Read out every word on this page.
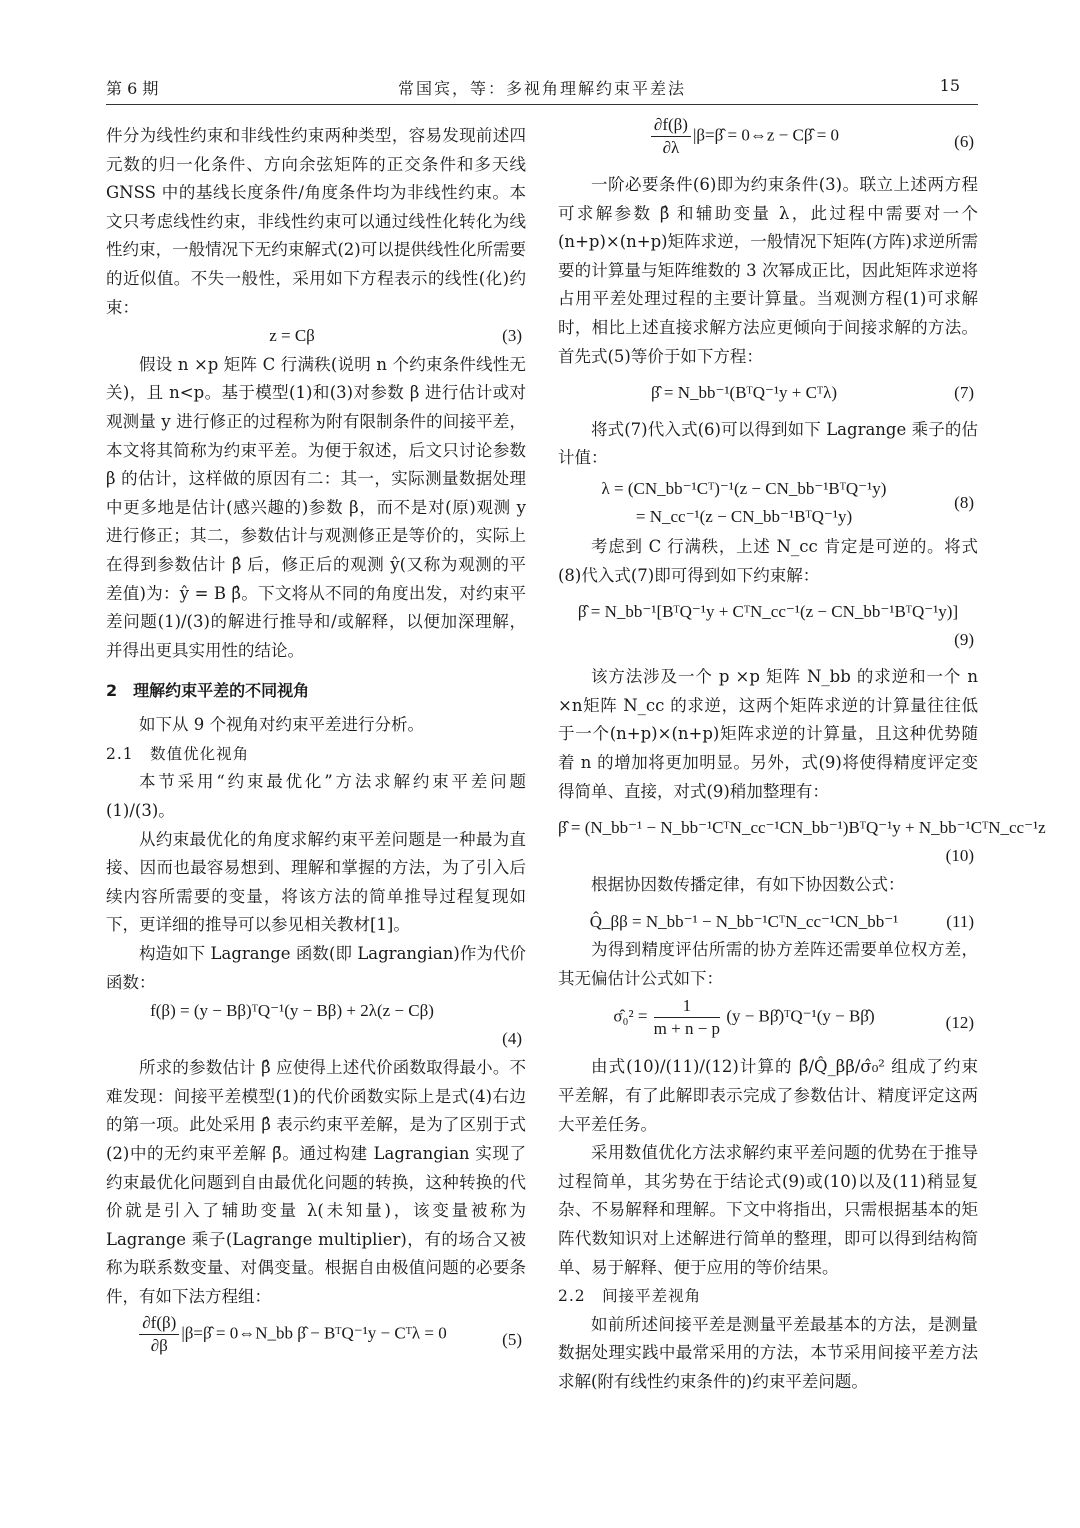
第 6 期	常国宾，等：多视角理解约束平差法	15

件分为线性约束和非线性约束两种类型，容易发现前述四元数的归一化条件、方向余弦矩阵的正交条件和多天线 GNSS 中的基线长度条件/角度条件均为非线性约束。本文只考虑线性约束，非线性约束可以通过线性化转化为线性约束，一般情况下无约束解式(2)可以提供线性化所需要的近似值。不失一般性，采用如下方程表示的线性(化)约束：

z = Cβ	(3)

假设 n ×p 矩阵 C 行满秩(说明 n 个约束条件线性无关)，且 n<p。基于模型(1)和(3)对参数 β 进行估计或对观测量 y 进行修正的过程称为附有限制条件的间接平差，本文将其简称为约束平差。为便于叙述，后文只讨论参数 β 的估计，这样做的原因有二：其一，实际测量数据处理中更多地是估计(感兴趣的)参数 β，而不是对(原)观测 y 进行修正；其二，参数估计与观测修正是等价的，实际上在得到参数估计 β̂ 后，修正后的观测 ŷ(又称为观测的平差值)为：ŷ = B β̂。下文将从不同的角度出发，对约束平差问题(1)/(3)的解进行推导和/或解释，以便加深理解，并得出更具实用性的结论。

2　理解约束平差的不同视角

如下从 9 个视角对约束平差进行分析。

2.1　数值优化视角

本节采用“约束最优化”方法求解约束平差问题(1)/(3)。

从约束最优化的角度求解约束平差问题是一种最为直接、因而也最容易想到、理解和掌握的方法，为了引入后续内容所需要的变量，将该方法的简单推导过程复现如下，更详细的推导可以参见相关教材[1]。

构造如下 Lagrange 函数(即 Lagrangian)作为代价函数：

f(β) = (y − Bβ)ᵀQ⁻¹(y − Bβ) + 2λ(z − Cβ)
(4)

所求的参数估计 β̂ 应使得上述代价函数取得最小。不难发现：间接平差模型(1)的代价函数实际上是式(4)右边的第一项。此处采用 β̂ 表示约束平差解，是为了区别于式(2)中的无约束平差解 β̄。通过构建 Lagrangian 实现了约束最优化问题到自由最优化问题的转换，这种转换的代价就是引入了辅助变量 λ(未知量)，该变量被称为 Lagrange 乘子(Lagrange multiplier)，有的场合又被称为联系数变量、对偶变量。根据自由极值问题的必要条件，有如下法方程组：

$\frac{\partial f(\beta)}{\partial\beta}$ |β=β̂ = 0⇔N_bb β̂ − BᵀQ⁻¹y − Cᵀλ = 0	(5)
$\frac{\partial f(\beta)}{\partial\lambda}$ |β=β̂ = 0⇔z − Cβ̂ = 0	(6)

一阶必要条件(6)即为约束条件(3)。联立上述两方程可求解参数 β̂ 和辅助变量 λ，此过程中需要对一个(n+p)×(n+p)矩阵求逆，一般情况下矩阵(方阵)求逆所需要的计算量与矩阵维数的 3 次幂成正比，因此矩阵求逆将占用平差处理过程的主要计算量。当观测方程(1)可求解时，相比上述直接求解方法应更倾向于间接求解的方法。首先式(5)等价于如下方程：

β̂ = N_bb⁻¹(BᵀQ⁻¹y + Cᵀλ)	(7)

将式(7)代入式(6)可以得到如下 Lagrange 乘子的估计值：

λ = (CN_bb⁻¹Cᵀ)⁻¹(z − CN_bb⁻¹BᵀQ⁻¹y)
= N_cc⁻¹(z − CN_bb⁻¹BᵀQ⁻¹y)
(8)

考虑到 C 行满秩，上述 N_cc 肯定是可逆的。将式(8)代入式(7)即可得到如下约束解：

β̂ = N_bb⁻¹[BᵀQ⁻¹y + CᵀN_cc⁻¹(z − CN_bb⁻¹BᵀQ⁻¹y)]
(9)

该方法涉及一个 p ×p 矩阵 N_bb 的求逆和一个 n ×n矩阵 N_cc 的求逆，这两个矩阵求逆的计算量往往低于一个(n+p)×(n+p)矩阵求逆的计算量，且这种优势随着 n 的增加将更加明显。另外，式(9)将使得精度评定变得简单、直接，对式(9)稍加整理有：

β̂ = (N_bb⁻¹ − N_bb⁻¹CᵀN_cc⁻¹CN_bb⁻¹)BᵀQ⁻¹y + N_bb⁻¹CᵀN_cc⁻¹z
(10)

根据协因数传播定律，有如下协因数公式：

Q̂_ββ = N_bb⁻¹ − N_bb⁻¹CᵀN_cc⁻¹CN_bb⁻¹	(11)

为得到精度评估所需的协方差阵还需要单位权方差，其无偏估计公式如下：

σ̂₀² = $\frac{1}{m + n - p} (y$ − Bβ̂)ᵀQ⁻¹(y − Bβ̂)	(12)

由式(10)/(11)/(12)计算的 β̂/Q̂_ββ/σ̂₀² 组成了约束平差解，有了此解即表示完成了参数估计、精度评定这两大平差任务。

采用数值优化方法求解约束平差问题的优势在于推导过程简单，其劣势在于结论式(9)或(10)以及(11)稍显复杂、不易解释和理解。下文中将指出，只需根据基本的矩阵代数知识对上述解进行简单的整理，即可以得到结构简单、易于解释、便于应用的等价结果。

2.2　间接平差视角

如前所述间接平差是测量平差最基本的方法，是测量数据处理实践中最常采用的方法，本节采用间接平差方法求解(附有线性约束条件的)约束平差问题。
